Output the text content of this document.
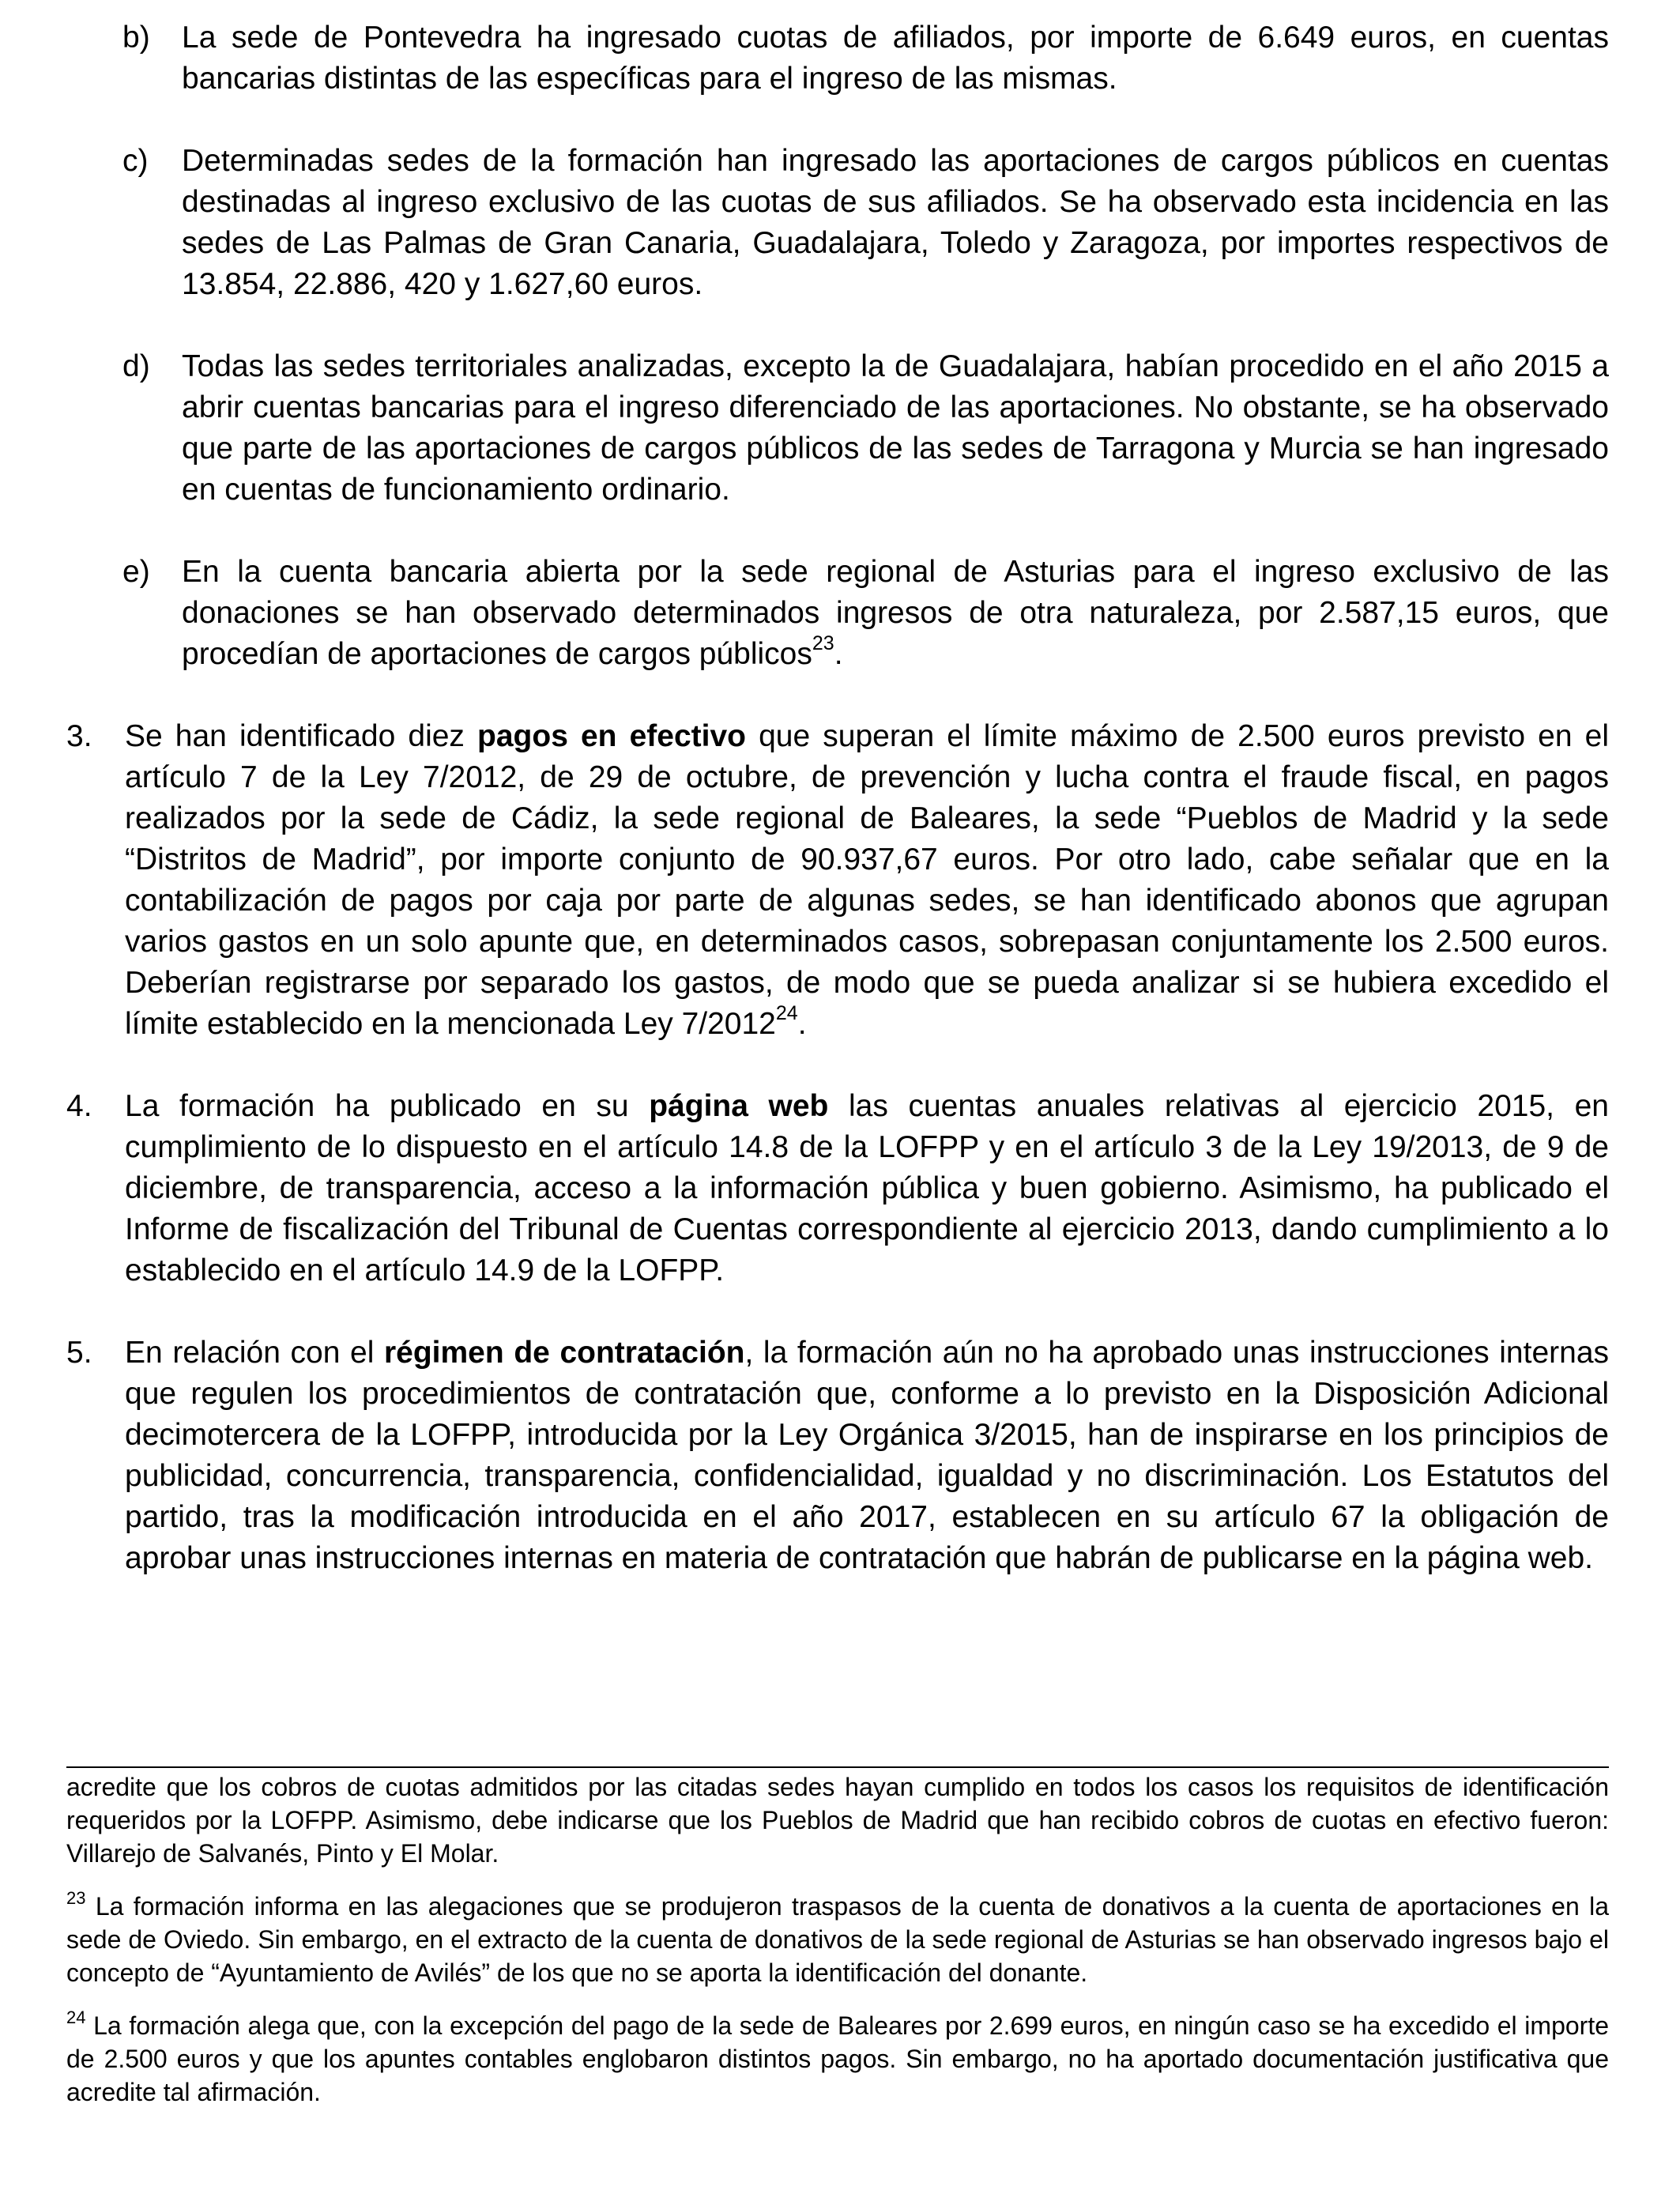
b) La sede de Pontevedra ha ingresado cuotas de afiliados, por importe de 6.649 euros, en cuentas bancarias distintas de las específicas para el ingreso de las mismas.
c) Determinadas sedes de la formación han ingresado las aportaciones de cargos públicos en cuentas destinadas al ingreso exclusivo de las cuotas de sus afiliados. Se ha observado esta incidencia en las sedes de Las Palmas de Gran Canaria, Guadalajara, Toledo y Zaragoza, por importes respectivos de 13.854, 22.886, 420 y 1.627,60 euros.
d) Todas las sedes territoriales analizadas, excepto la de Guadalajara, habían procedido en el año 2015 a abrir cuentas bancarias para el ingreso diferenciado de las aportaciones. No obstante, se ha observado que parte de las aportaciones de cargos públicos de las sedes de Tarragona y Murcia se han ingresado en cuentas de funcionamiento ordinario.
e) En la cuenta bancaria abierta por la sede regional de Asturias para el ingreso exclusivo de las donaciones se han observado determinados ingresos de otra naturaleza, por 2.587,15 euros, que procedían de aportaciones de cargos públicos$^{23}$.
3. Se han identificado diez pagos en efectivo que superan el límite máximo de 2.500 euros previsto en el artículo 7 de la Ley 7/2012, de 29 de octubre, de prevención y lucha contra el fraude fiscal, en pagos realizados por la sede de Cádiz, la sede regional de Baleares, la sede “Pueblos de Madrid y la sede “Distritos de Madrid”, por importe conjunto de 90.937,67 euros. Por otro lado, cabe señalar que en la contabilización de pagos por caja por parte de algunas sedes, se han identificado abonos que agrupan varios gastos en un solo apunte que, en determinados casos, sobrepasan conjuntamente los 2.500 euros. Deberían registrarse por separado los gastos, de modo que se pueda analizar si se hubiera excedido el límite establecido en la mencionada Ley 7/2012$^{24}$.
4. La formación ha publicado en su página web las cuentas anuales relativas al ejercicio 2015, en cumplimiento de lo dispuesto en el artículo 14.8 de la LOFPP y en el artículo 3 de la Ley 19/2013, de 9 de diciembre, de transparencia, acceso a la información pública y buen gobierno. Asimismo, ha publicado el Informe de fiscalización del Tribunal de Cuentas correspondiente al ejercicio 2013, dando cumplimiento a lo establecido en el artículo 14.9 de la LOFPP.
5. En relación con el régimen de contratación, la formación aún no ha aprobado unas instrucciones internas que regulen los procedimientos de contratación que, conforme a lo previsto en la Disposición Adicional decimotercera de la LOFPP, introducida por la Ley Orgánica 3/2015, han de inspirarse en los principios de publicidad, concurrencia, transparencia, confidencialidad, igualdad y no discriminación. Los Estatutos del partido, tras la modificación introducida en el año 2017, establecen en su artículo 67 la obligación de aprobar unas instrucciones internas en materia de contratación que habrán de publicarse en la página web.
acredite que los cobros de cuotas admitidos por las citadas sedes hayan cumplido en todos los casos los requisitos de identificación requeridos por la LOFPP. Asimismo, debe indicarse que los Pueblos de Madrid que han recibido cobros de cuotas en efectivo fueron: Villarejo de Salvanés, Pinto y El Molar.
$^{23}$ La formación informa en las alegaciones que se produjeron traspasos de la cuenta de donativos a la cuenta de aportaciones en la sede de Oviedo. Sin embargo, en el extracto de la cuenta de donativos de la sede regional de Asturias se han observado ingresos bajo el concepto de “Ayuntamiento de Avilés” de los que no se aporta la identificación del donante.
$^{24}$ La formación alega que, con la excepción del pago de la sede de Baleares por 2.699 euros, en ningún caso se ha excedido el importe de 2.500 euros y que los apuntes contables englobaron distintos pagos. Sin embargo, no ha aportado documentación justificativa que acredite tal afirmación.
